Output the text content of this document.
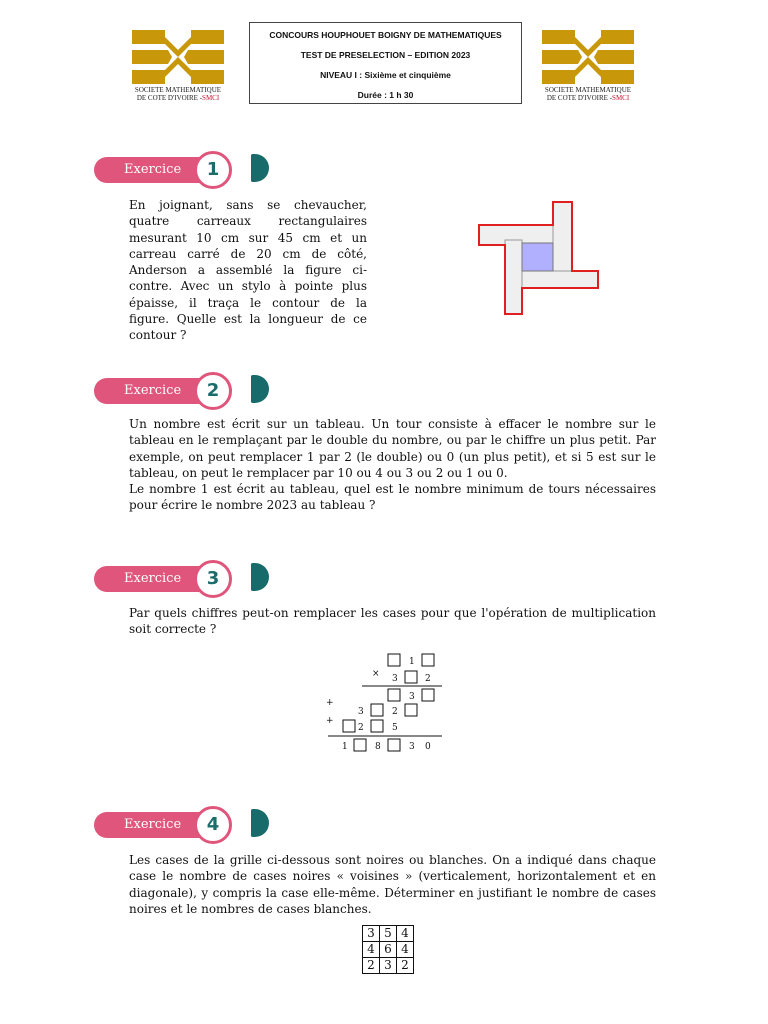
SOCIETE MATHEMATIQUE
DE COTE D'IVOIRE -SMCI
SOCIETE MATHEMATIQUE
DE COTE D'IVOIRE -SMCI
CONCOURS HOUPHOUET BOIGNY DE MATHEMATIQUES
TEST DE PRESELECTION – EDITION 2023
NIVEAU I : Sixième et cinquième
Durée : 1 h 30
Exercice	1

En joignant, sans se chevaucher, quatre carreaux rectangulaires mesurant 10 cm sur 45 cm et un carreau carré de 20 cm de côté, Anderson a assemblé la figure ci- contre. Avec un stylo à pointe plus épaisse, il traça le contour de la figure. Quelle est la longueur de ce contour ?

Exercice	2

Un nombre est écrit sur un tableau. Un tour consiste à effacer le nombre sur le tableau en le remplaçant par le double du nombre, ou par le chiffre un plus petit. Par exemple, on peut remplacer 1 par 2 (le double) ou 0 (un plus petit), et si 5 est sur le tableau, on peut le remplacer par 10 ou 4 ou 3 ou 2 ou 1 ou 0.

Le nombre 1 est écrit au tableau, quel est le nombre minimum de tours nécessaires pour écrire le nombre 2023 au tableau ?

Exercice	3

Par quels chiffres peut-on remplacer les cases pour que l'opération de multiplication soit correcte ?

1
× 3	2
3
+
3	2
+
2	5
1	8	3 0
Exercice	4

Les cases de la grille ci-dessous sont noires ou blanches. On a indiqué dans chaque case le nombre de cases noires « voisines » (verticalement, horizontalement et en diagonale), y compris la case elle-même. Déterminer en justifiant le nombre de cases noires et le nombres de cases blanches.

3	5	4
4	6	4
2	3	2
